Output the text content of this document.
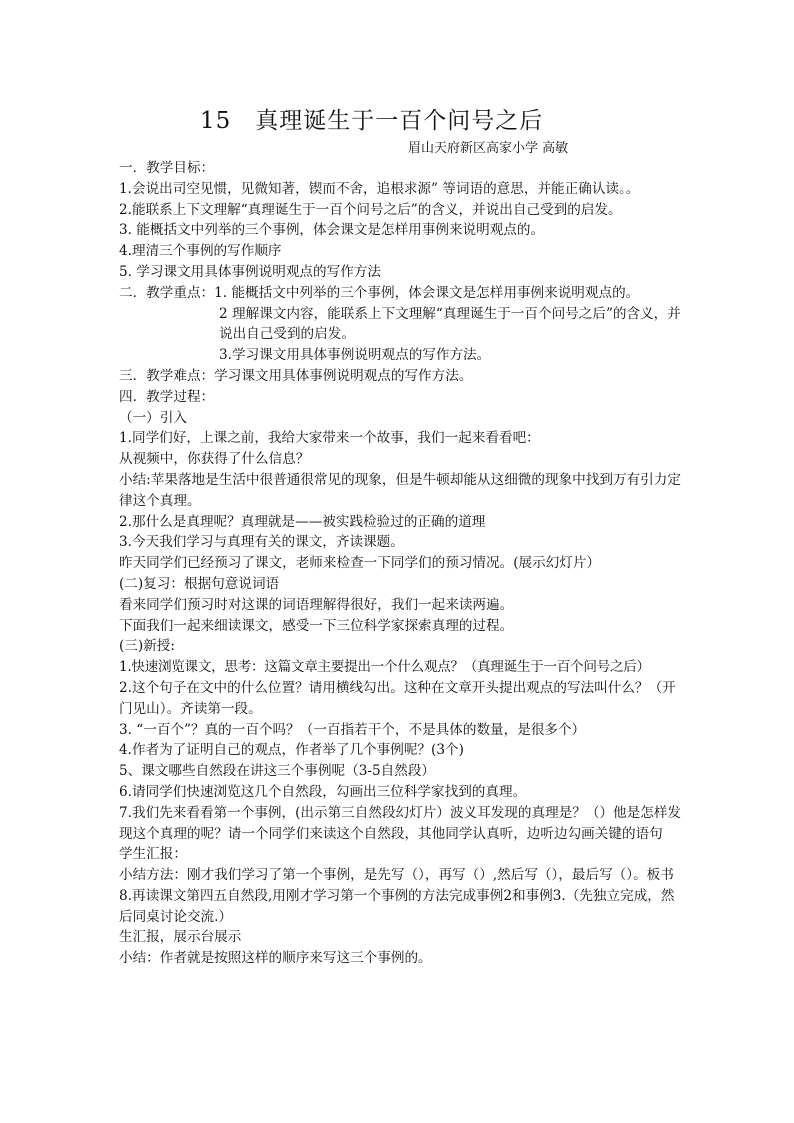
15 真理诞生于一百个问号之后
眉山天府新区高家小学 高敏
一．教学目标：
1.会说出司空见惯，见微知著，锲而不舍，追根求源” 等词语的意思，并能正确认读。。
2.能联系上下文理解“真理诞生于一百个问号之后”的含义，并说出自己受到的启发。
3. 能概括文中列举的三个事例，体会课文是怎样用事例来说明观点的。
4.理清三个事例的写作顺序
5. 学习课文用具体事例说明观点的写作方法
二．教学重点：1. 能概括文中列举的三个事例，体会课文是怎样用事例来说明观点的。
2 理解课文内容，能联系上下文理解“真理诞生于一百个问号之后”的含义，并说出自己受到的启发。
3.学习课文用具体事例说明观点的写作方法。
三．教学难点：学习课文用具体事例说明观点的写作方法。
四．教学过程：
（一）引入
1.同学们好，上课之前，我给大家带来一个故事，我们一起来看看吧：
从视频中，你获得了什么信息？
小结:苹果落地是生活中很普通很常见的现象，但是牛顿却能从这细微的现象中找到万有引力定律这个真理。
2.那什么是真理呢？真理就是——被实践检验过的正确的道理
3.今天我们学习与真理有关的课文，齐读课题。
昨天同学们已经预习了课文，老师来检查一下同学们的预习情况。(展示幻灯片）
(二)复习：根据句意说词语
看来同学们预习时对这课的词语理解得很好，我们一起来读两遍。
下面我们一起来细读课文，感受一下三位科学家探索真理的过程。
(三)新授:
1.快速浏览课文，思考：这篇文章主要提出一个什么观点？（真理诞生于一百个问号之后）
2.这个句子在文中的什么位置？请用横线勾出。这种在文章开头提出观点的写法叫什么？（开门见山）。齐读第一段。
3. “一百个”？真的一百个吗？（一百指若干个，不是具体的数量，是很多个）
4.作者为了证明自己的观点，作者举了几个事例呢？(3个)
5、课文哪些自然段在讲这三个事例呢（3-5自然段）
6.请同学们快速浏览这几个自然段，勾画出三位科学家找到的真理。
7.我们先来看看第一个事例，(出示第三自然段幻灯片）波义耳发现的真理是？（）他是怎样发现这个真理的呢？请一个同学们来读这个自然段，其他同学认真听，边听边勾画关键的语句
学生汇报：
小结方法：刚才我们学习了第一个事例，是先写（），再写（）,然后写（），最后写（）。板书
8.再读课文第四五自然段,用刚才学习第一个事例的方法完成事例2和事例3.（先独立完成，然后同桌讨论交流.）
生汇报，展示台展示
小结：作者就是按照这样的顺序来写这三个事例的。
